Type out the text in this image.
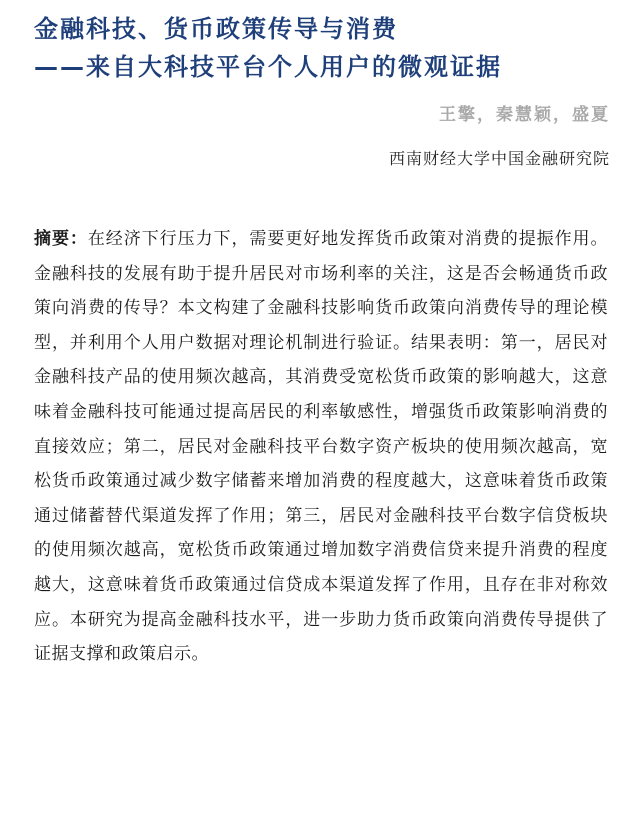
金融科技、货币政策传导与消费
——来自大科技平台个人用户的微观证据
王擎，秦慧颖，盛夏
西南财经大学中国金融研究院
摘要：在经济下行压力下，需要更好地发挥货币政策对消费的提振作用。金融科技的发展有助于提升居民对市场利率的关注，这是否会畅通货币政策向消费的传导？本文构建了金融科技影响货币政策向消费传导的理论模型，并利用个人用户数据对理论机制进行验证。结果表明：第一，居民对金融科技产品的使用频次越高，其消费受宽松货币政策的影响越大，这意味着金融科技可能通过提高居民的利率敏感性，增强货币政策影响消费的直接效应；第二，居民对金融科技平台数字资产板块的使用频次越高，宽松货币政策通过减少数字储蓄来增加消费的程度越大，这意味着货币政策通过储蓄替代渠道发挥了作用；第三，居民对金融科技平台数字信贷板块的使用频次越高，宽松货币政策通过增加数字消费信贷来提升消费的程度越大，这意味着货币政策通过信贷成本渠道发挥了作用，且存在非对称效应。本研究为提高金融科技水平，进一步助力货币政策向消费传导提供了证据支撑和政策启示。
